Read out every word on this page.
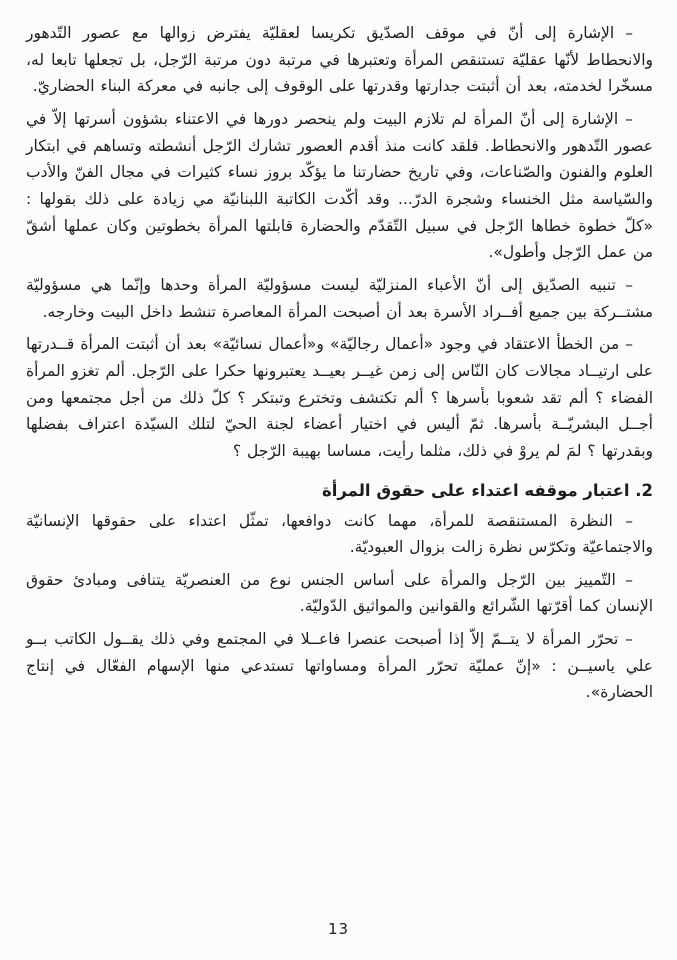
– الإشارة إلى أنّ في موقف الصدّيق تكريسا لعقليّة يفترض زوالها مع عصور التّدهور والانحطاط لأنّها عقليّة تستنقص المرأة وتعتبرها في مرتبة دون مرتبة الرّجل، بل تجعلها تابعا له، مسخّرا لخدمته، بعد أن أثبتت جدارتها وقدرتها على الوقوف إلى جانبه في معركة البناء الحضاريّ.

– الإشارة إلى أنّ المرأة لم تلازم البيت ولم ينحصر دورها في الاعتناء بشؤون أسرتها إلاّ في عصور التّدهور والانحطاط. فلقد كانت منذ أقدم العصور تشارك الرّجل أنشطته وتساهم في ابتكار العلوم والفنون والصّناعات، وفي تاريخ حضارتنا ما يؤكّد بروز نساء كثيرات في مجال الفنّ والأدب والسّياسة مثل الخنساء وشجرة الدرّ... وقد أكّدت الكاتبة اللبنانيّة مي زيادة على ذلك بقولها : «كلّ خطوة خطاها الرّجل في سبيل التّقدّم والحضارة قابلتها المرأة بخطوتين وكان عملها أشقّ من عمل الرّجل وأطول».

– تنبيه الصدّيق إلى أنّ الأعباء المنزليّة ليست مسؤوليّة المرأة وحدها وإنّما هي مسؤوليّة مشتــركة بين جميع أفــراد الأسرة بعد أن أصبحت المرأة المعاصرة تنشط داخل البيت وخارجه.

– من الخطأ الاعتقاد في وجود «أعمال رجاليّة» و«أعمال نسائيّة» بعد أن أثبتت المرأة قــدرتها على ارتيــاد مجالات كان النّاس إلى زمن غيــر بعيــد يعتبرونها حكرا على الرّجل. ألم تغزو المرأة الفضاء ؟ ألم تقد شعوبا بأسرها ؟ ألم تكتشف وتخترع وتبتكر ؟ كلّ ذلك من أجل مجتمعها ومن أجــل البشريّــة بأسرها. ثمّ أليس في اختيار أعضاء لجنة الحيّ لتلك السيّدة اعتراف بفضلها وبقدرتها ؟ لمَ لم يروْ في ذلك، مثلما رأيت، مساسا بهيبة الرّجل ؟

2. اعتبار موقفه اعتداء على حقوق المرأة

– النظرة المستنقصة للمرأة، مهما كانت دوافعها، تمثّل اعتداء على حقوقها الإنسانيّة والاجتماعيّة وتكرّس نظرة زالت بزوال العبوديّة.

– التّمييز بين الرّجل والمرأة على أساس الجنس نوع من العنصريّة يتنافى ومبادئ حقوق الإنسان كما أقرّتها الشّرائع والقوانين والمواثيق الدّوليّة.

– تحرّر المرأة لا يتــمّ إلاّ إذا أصبحت عنصرا فاعــلا في المجتمع وفي ذلك يقــول الكاتب بــو علي ياسيــن : «إنّ عمليّة تحرّر المرأة ومساواتها تستدعي منها الإسهام الفعّال في إنتاج الحضارة».

13
